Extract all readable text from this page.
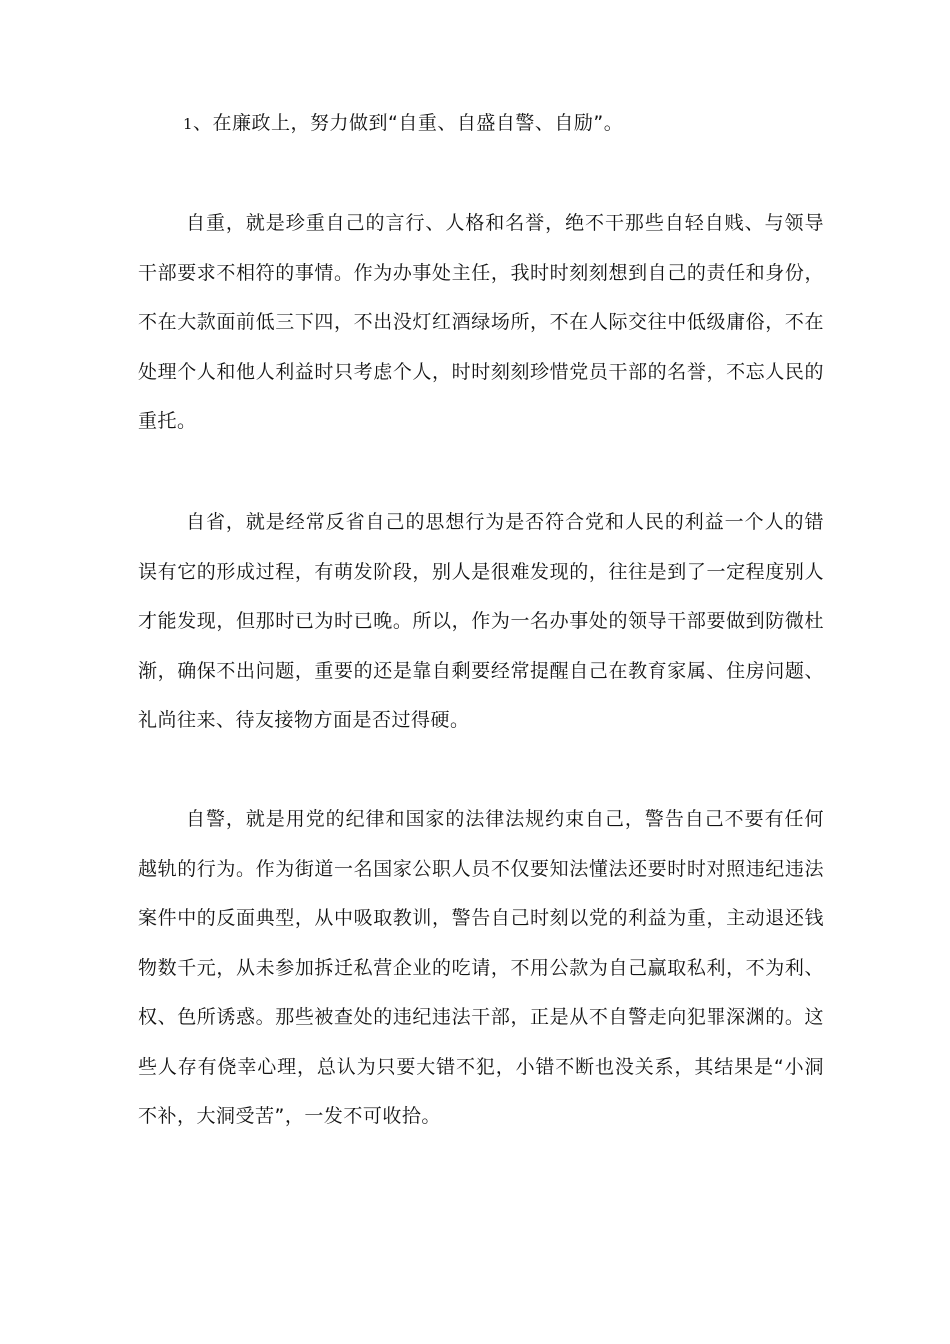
1、在廉政上，努力做到“自重、自盛自警、自励”。

自重，就是珍重自己的言行、人格和名誉，绝不干那些自轻自贱、与领导干部要求不相符的事情。作为办事处主任，我时时刻刻想到自己的责任和身份，不在大款面前低三下四，不出没灯红酒绿场所，不在人际交往中低级庸俗，不在处理个人和他人利益时只考虑个人，时时刻刻珍惜党员干部的名誉，不忘人民的重托。

自省，就是经常反省自己的思想行为是否符合党和人民的利益一个人的错误有它的形成过程，有萌发阶段，别人是很难发现的，往往是到了一定程度别人才能发现，但那时已为时已晚。所以，作为一名办事处的领导干部要做到防微杜渐，确保不出问题，重要的还是靠自剩要经常提醒自己在教育家属、住房问题、礼尚往来、待友接物方面是否过得硬。

自警，就是用党的纪律和国家的法律法规约束自己，警告自己不要有任何越轨的行为。作为街道一名国家公职人员不仅要知法懂法还要时时对照违纪违法案件中的反面典型，从中吸取教训，警告自己时刻以党的利益为重，主动退还钱物数千元，从未参加拆迁私营企业的吃请，不用公款为自己赢取私利，不为利、权、色所诱惑。那些被查处的违纪违法干部，正是从不自警走向犯罪深渊的。这些人存有侥幸心理，总认为只要大错不犯，小错不断也没关系，其结果是“小洞不补，大洞受苦”，一发不可收拾。
